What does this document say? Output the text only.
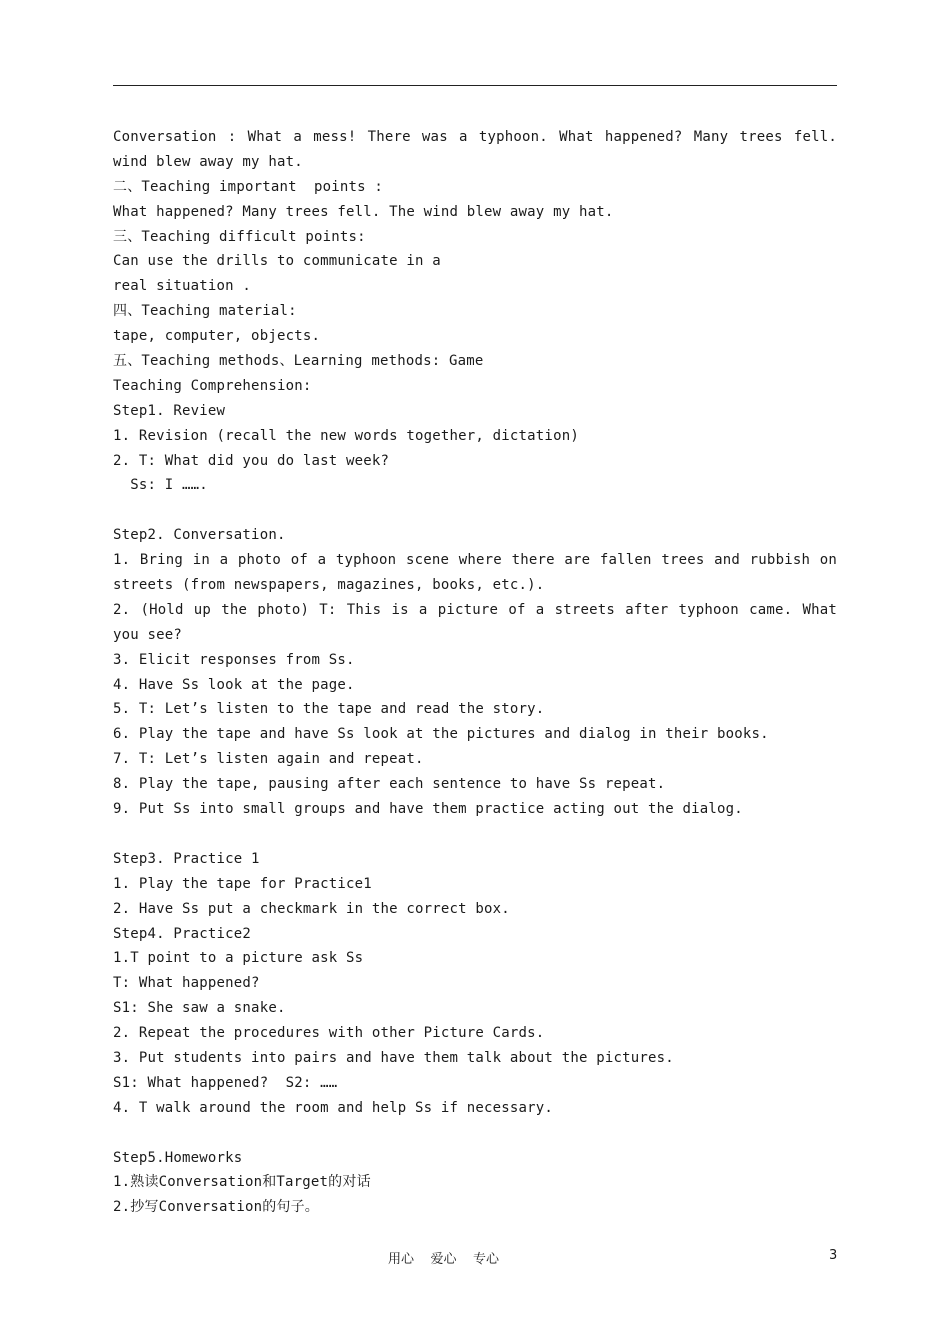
Conversation : What a mess! There was a typhoon. What happened? Many trees fell.
wind blew away my hat.
二、Teaching important  points :
What happened? Many trees fell. The wind blew away my hat.
三、Teaching difficult points:
Can use the drills to communicate in a
real situation .
四、Teaching material:
tape, computer, objects.
五、Teaching methods、Learning methods: Game
Teaching Comprehension:
Step1. Review
1. Revision (recall the new words together, dictation)
2. T: What did you do last week?
Ss: I …….
Step2. Conversation.
1. Bring in a photo of a typhoon scene where there are fallen trees and rubbish on
streets (from newspapers, magazines, books, etc.).
2. (Hold up the photo) T: This is a picture of a streets after typhoon came. What
you see?
3. Elicit responses from Ss.
4. Have Ss look at the page.
5. T: Let’s listen to the tape and read the story.
6. Play the tape and have Ss look at the pictures and dialog in their books.
7. T: Let’s listen again and repeat.
8. Play the tape, pausing after each sentence to have Ss repeat.
9. Put Ss into small groups and have them practice acting out the dialog.
Step3. Practice 1
1. Play the tape for Practice1
2. Have Ss put a checkmark in the correct box.
Step4. Practice2
1.T point to a picture ask Ss
T: What happened?
S1: She saw a snake.
2. Repeat the procedures with other Picture Cards.
3. Put students into pairs and have them talk about the pictures.
S1: What happened?  S2: ……
4. T walk around the room and help Ss if necessary.
Step5.Homeworks
1.熟读Conversation和Target的对话
2.抄写Conversation的句子。
用心    爱心    专心	3
